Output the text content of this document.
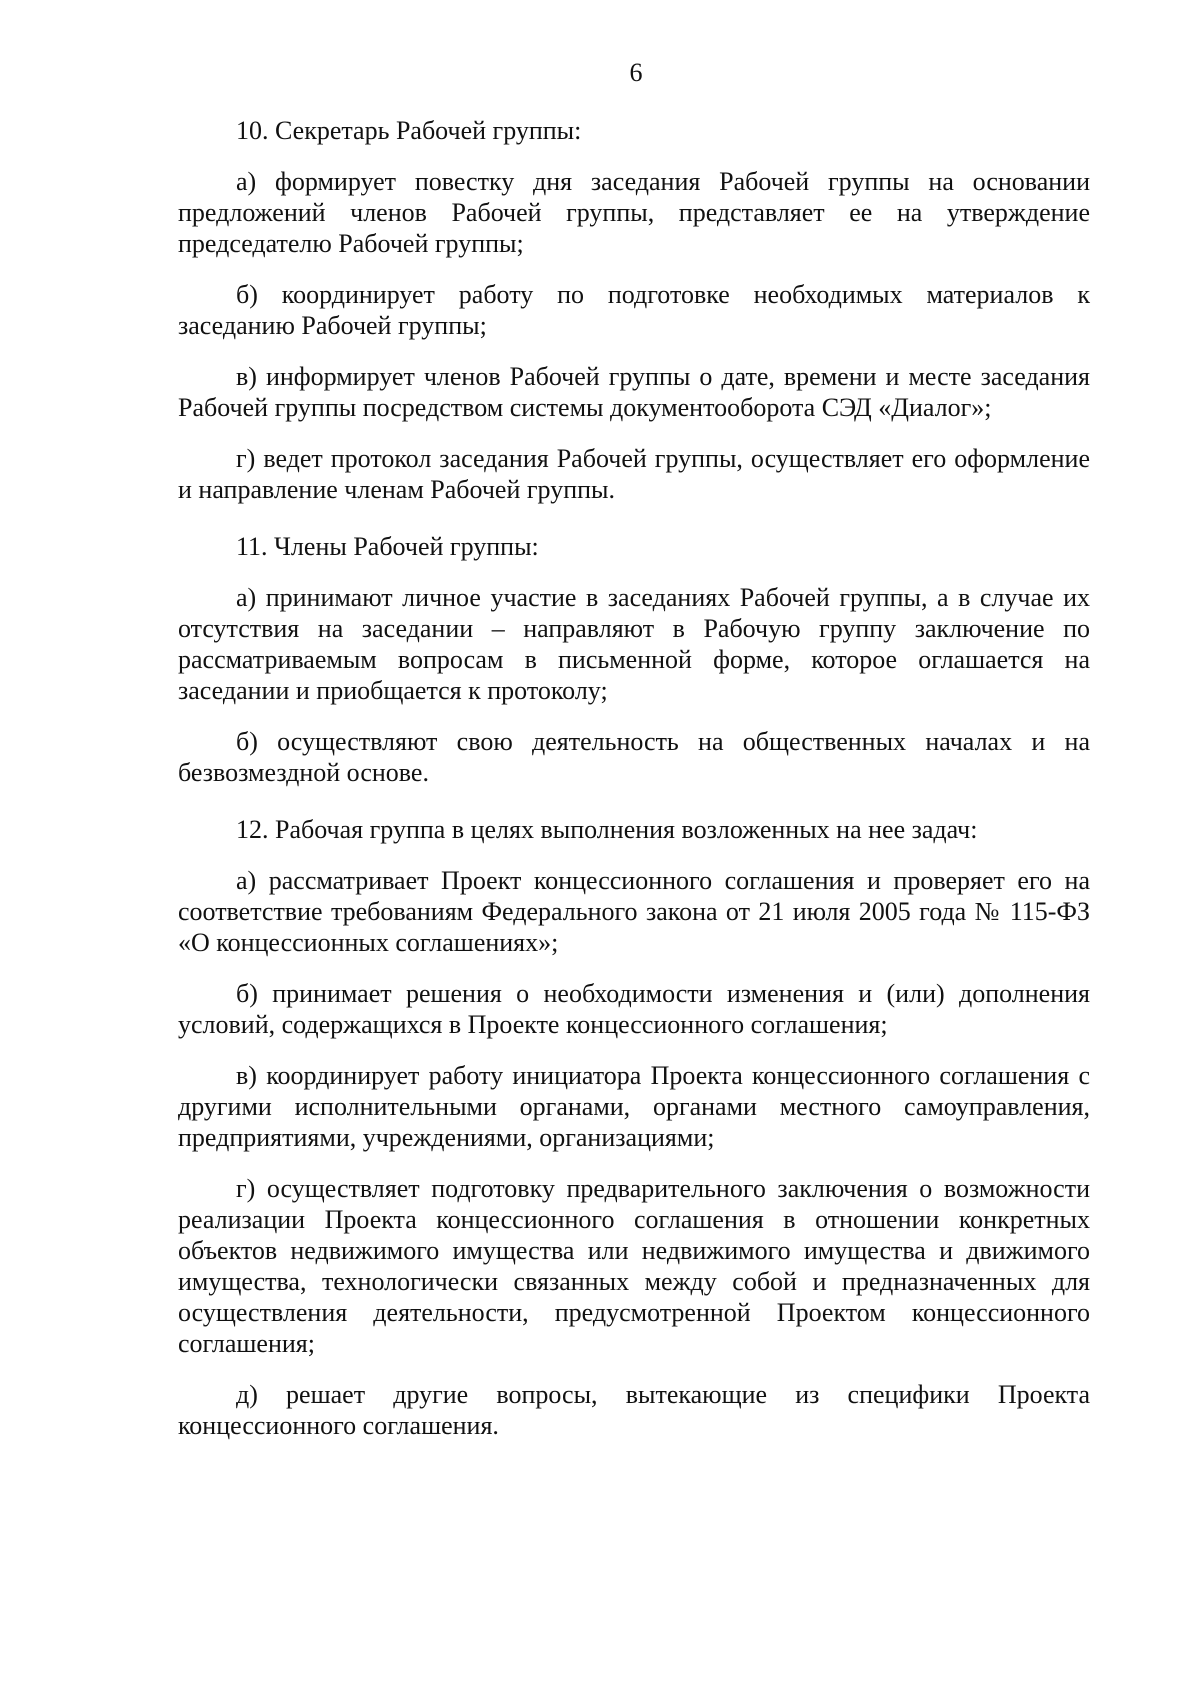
6

10. Секретарь Рабочей группы:

а) формирует повестку дня заседания Рабочей группы на основании предложений членов Рабочей группы, представляет ее на утверждение председателю Рабочей группы;

б) координирует работу по подготовке необходимых материалов к заседанию Рабочей группы;

в) информирует членов Рабочей группы о дате, времени и месте заседания Рабочей группы посредством системы документооборота СЭД «Диалог»;

г) ведет протокол заседания Рабочей группы, осуществляет его оформление и направление членам Рабочей группы.

11. Члены Рабочей группы:

а) принимают личное участие в заседаниях Рабочей группы, а в случае их отсутствия на заседании – направляют в Рабочую группу заключение по рассматриваемым вопросам в письменной форме, которое оглашается на заседании и приобщается к протоколу;

б) осуществляют свою деятельность на общественных началах и на безвозмездной основе.

12. Рабочая группа в целях выполнения возложенных на нее задач:

а) рассматривает Проект концессионного соглашения и проверяет его на соответствие требованиям Федерального закона от 21 июля 2005 года № 115-ФЗ «О концессионных соглашениях»;

б) принимает решения о необходимости изменения и (или) дополнения условий, содержащихся в Проекте концессионного соглашения;

в) координирует работу инициатора Проекта концессионного соглашения с другими исполнительными органами, органами местного самоуправления, предприятиями, учреждениями, организациями;

г) осуществляет подготовку предварительного заключения о возможности реализации Проекта концессионного соглашения в отношении конкретных объектов недвижимого имущества или недвижимого имущества и движимого имущества, технологически связанных между собой и предназначенных для осуществления деятельности, предусмотренной Проектом концессионного соглашения;

д) решает другие вопросы, вытекающие из специфики Проекта концессионного соглашения.
